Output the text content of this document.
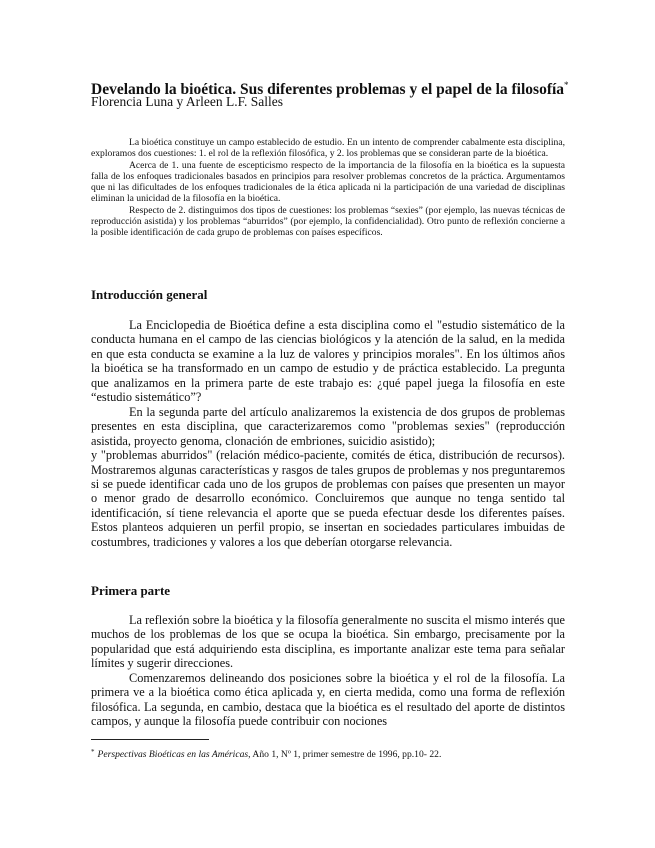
Develando la bioética. Sus diferentes problemas y el papel de la filosofía*
Florencia Luna y Arleen L.F. Salles

La bioética constituye un campo establecido de estudio. En un intento de comprender cabalmente esta disciplina, exploramos dos cuestiones: 1. el rol de la reflexión filosófica, y 2. los problemas que se consideran parte de la bioética.

Acerca de 1. una fuente de escepticismo respecto de la importancia de la filosofía en la bioética es la supuesta falla de los enfoques tradicionales basados en principios para resolver problemas concretos de la práctica. Argumentamos que ni las dificultades de los enfoques tradicionales de la ética aplicada ni la participación de una variedad de disciplinas eliminan la unicidad de la filosofía en la bioética.

Respecto de 2. distinguimos dos tipos de cuestiones: los problemas “sexies” (por ejemplo, las nuevas técnicas de reproducción asistida) y los problemas “aburridos” (por ejemplo, la confidencialidad). Otro punto de reflexión concierne a la posible identificación de cada grupo de problemas con países específicos.

Introducción general

La Enciclopedia de Bioética define a esta disciplina como el "estudio sistemático de la conducta humana en el campo de las ciencias biológicos y la atención de la salud, en la medida en que esta conducta se examine a la luz de valores y principios morales". En los últimos años la bioética se ha transformado en un campo de estudio y de práctica establecido. La pregunta que analizamos en la primera parte de este trabajo es: ¿qué papel juega la filosofía en este “estudio sistemático”?

En la segunda parte del artículo analizaremos la existencia de dos grupos de problemas presentes en esta disciplina, que caracterizaremos como "problemas sexies" (reproducción asistida, proyecto genoma, clonación de embriones, suicidio asistido);

y "problemas aburridos" (relación médico-paciente, comités de ética, distribución de recursos). Mostraremos algunas características y rasgos de tales grupos de problemas y nos preguntaremos si se puede identificar cada uno de los grupos de problemas con países que presenten un mayor o menor grado de desarrollo económico. Concluiremos que aunque no tenga sentido tal identificación, sí tiene relevancia el aporte que se pueda efectuar desde los diferentes países. Estos planteos adquieren un perfil propio, se insertan en sociedades particulares imbuidas de costumbres, tradiciones y valores a los que deberían otorgarse relevancia.

Primera parte

La reflexión sobre la bioética y la filosofía generalmente no suscita el mismo interés que muchos de los problemas de los que se ocupa la bioética. Sin embargo, precisamente por la popularidad que está adquiriendo esta disciplina, es importante analizar este tema para señalar límites y sugerir direcciones.

Comenzaremos delineando dos posiciones sobre la bioética y el rol de la filosofía. La primera ve a la bioética como ética aplicada y, en cierta medida, como una forma de reflexión filosófica. La segunda, en cambio, destaca que la bioética es el resultado del aporte de distintos campos, y aunque la filosofía puede contribuir con nociones

* Perspectivas Bioéticas en las Américas, Año 1, Nº 1, primer semestre de 1996, pp.10- 22.
